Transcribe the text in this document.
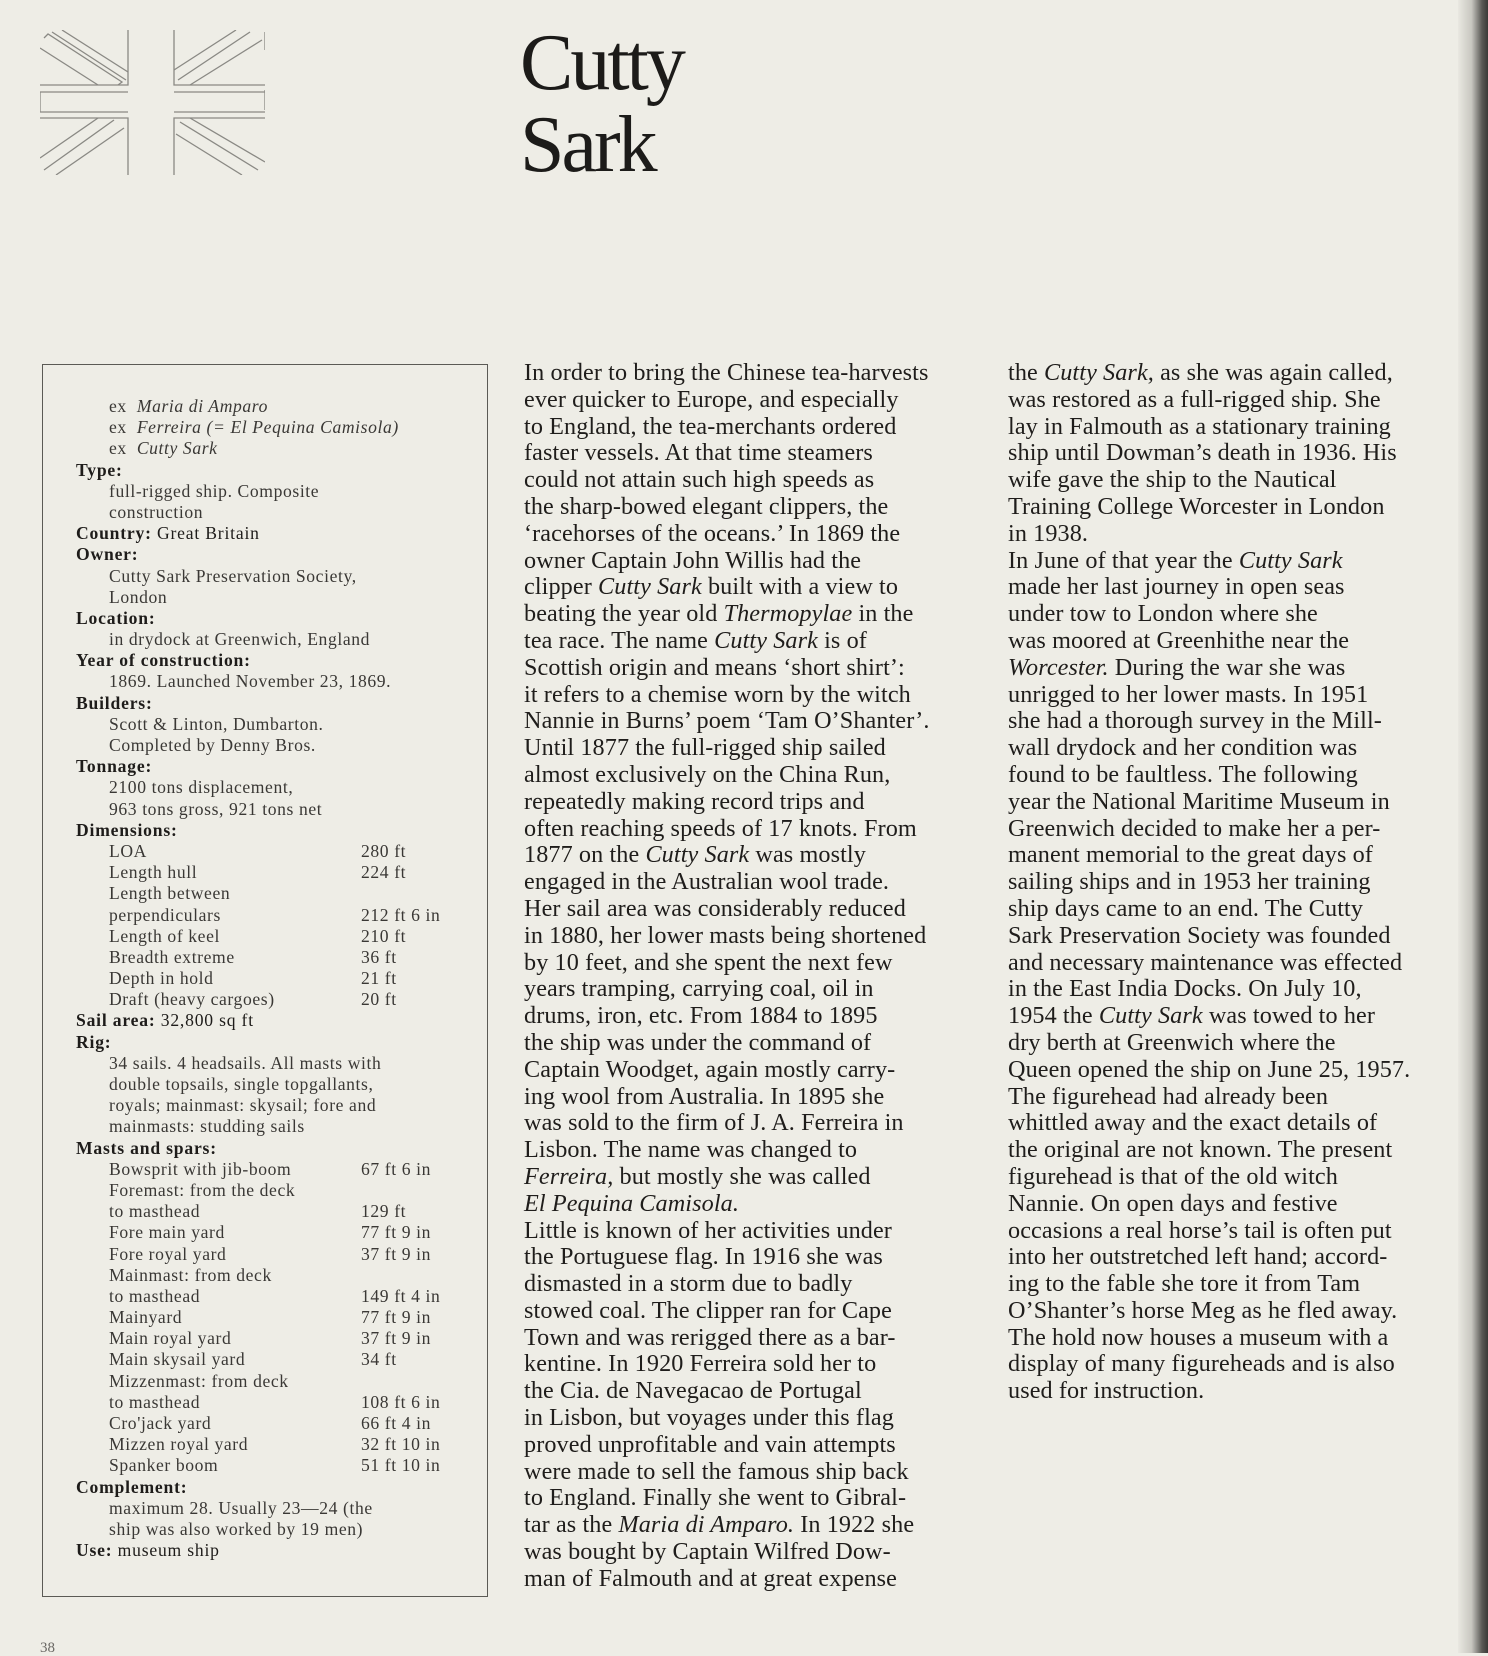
Cutty
Sark
ex Maria di Amparo
ex Ferreira (= El Pequina Camisola)
ex Cutty Sark
Type:
full-rigged ship. Composite
construction
Country: Great Britain
Owner:
Cutty Sark Preservation Society,
London
Location:
in drydock at Greenwich, England
Year of construction:
1869. Launched November 23, 1869.
Builders:
Scott & Linton, Dumbarton.
Completed by Denny Bros.
Tonnage:
2100 tons displacement,
963 tons gross, 921 tons net
Dimensions:
LOA	280 ft
Length hull	224 ft
Length between
perpendiculars	212 ft 6 in
Length of keel	210 ft
Breadth extreme	36 ft
Depth in hold	21 ft
Draft (heavy cargoes)	20 ft
Sail area: 32,800 sq ft
Rig:
34 sails. 4 headsails. All masts with
double topsails, single topgallants,
royals; mainmast: skysail; fore and
mainmasts: studding sails
Masts and spars:
Bowsprit with jib-boom	67 ft 6 in
Foremast: from the deck
to masthead	129 ft
Fore main yard	77 ft 9 in
Fore royal yard	37 ft 9 in
Mainmast: from deck
to masthead	149 ft 4 in
Mainyard	77 ft 9 in
Main royal yard	37 ft 9 in
Main skysail yard	34 ft
Mizzenmast: from deck
to masthead	108 ft 6 in
Cro'jack yard	66 ft 4 in
Mizzen royal yard	32 ft 10 in
Spanker boom	51 ft 10 in
Complement:
maximum 28. Usually 23—24 (the
ship was also worked by 19 men)
Use: museum ship
In order to bring the Chinese tea-harvests
ever quicker to Europe, and especially
to England, the tea-merchants ordered
faster vessels. At that time steamers
could not attain such high speeds as
the sharp-bowed elegant clippers, the
‘racehorses of the oceans.’ In 1869 the
owner Captain John Willis had the
clipper Cutty Sark built with a view to
beating the year old Thermopylae in the
tea race. The name Cutty Sark is of
Scottish origin and means ‘short shirt’:
it refers to a chemise worn by the witch
Nannie in Burns’ poem ‘Tam O’Shanter’.
Until 1877 the full-rigged ship sailed
almost exclusively on the China Run,
repeatedly making record trips and
often reaching speeds of 17 knots. From
1877 on the Cutty Sark was mostly
engaged in the Australian wool trade.
Her sail area was considerably reduced
in 1880, her lower masts being shortened
by 10 feet, and she spent the next few
years tramping, carrying coal, oil in
drums, iron, etc. From 1884 to 1895
the ship was under the command of
Captain Woodget, again mostly carry-
ing wool from Australia. In 1895 she
was sold to the firm of J. A. Ferreira in
Lisbon. The name was changed to
Ferreira, but mostly she was called
El Pequina Camisola.
Little is known of her activities under
the Portuguese flag. In 1916 she was
dismasted in a storm due to badly
stowed coal. The clipper ran for Cape
Town and was rerigged there as a bar-
kentine. In 1920 Ferreira sold her to
the Cia. de Navegacao de Portugal
in Lisbon, but voyages under this flag
proved unprofitable and vain attempts
were made to sell the famous ship back
to England. Finally she went to Gibral-
tar as the Maria di Amparo. In 1922 she
was bought by Captain Wilfred Dow-
man of Falmouth and at great expense
the Cutty Sark, as she was again called,
was restored as a full-rigged ship. She
lay in Falmouth as a stationary training
ship until Dowman’s death in 1936. His
wife gave the ship to the Nautical
Training College Worcester in London
in 1938.
In June of that year the Cutty Sark
made her last journey in open seas
under tow to London where she
was moored at Greenhithe near the
Worcester. During the war she was
unrigged to her lower masts. In 1951
she had a thorough survey in the Mill-
wall drydock and her condition was
found to be faultless. The following
year the National Maritime Museum in
Greenwich decided to make her a per-
manent memorial to the great days of
sailing ships and in 1953 her training
ship days came to an end. The Cutty
Sark Preservation Society was founded
and necessary maintenance was effected
in the East India Docks. On July 10,
1954 the Cutty Sark was towed to her
dry berth at Greenwich where the
Queen opened the ship on June 25, 1957.
The figurehead had already been
whittled away and the exact details of
the original are not known. The present
figurehead is that of the old witch
Nannie. On open days and festive
occasions a real horse’s tail is often put
into her outstretched left hand; accord-
ing to the fable she tore it from Tam
O’Shanter’s horse Meg as he fled away.
The hold now houses a museum with a
display of many figureheads and is also
used for instruction.
38
